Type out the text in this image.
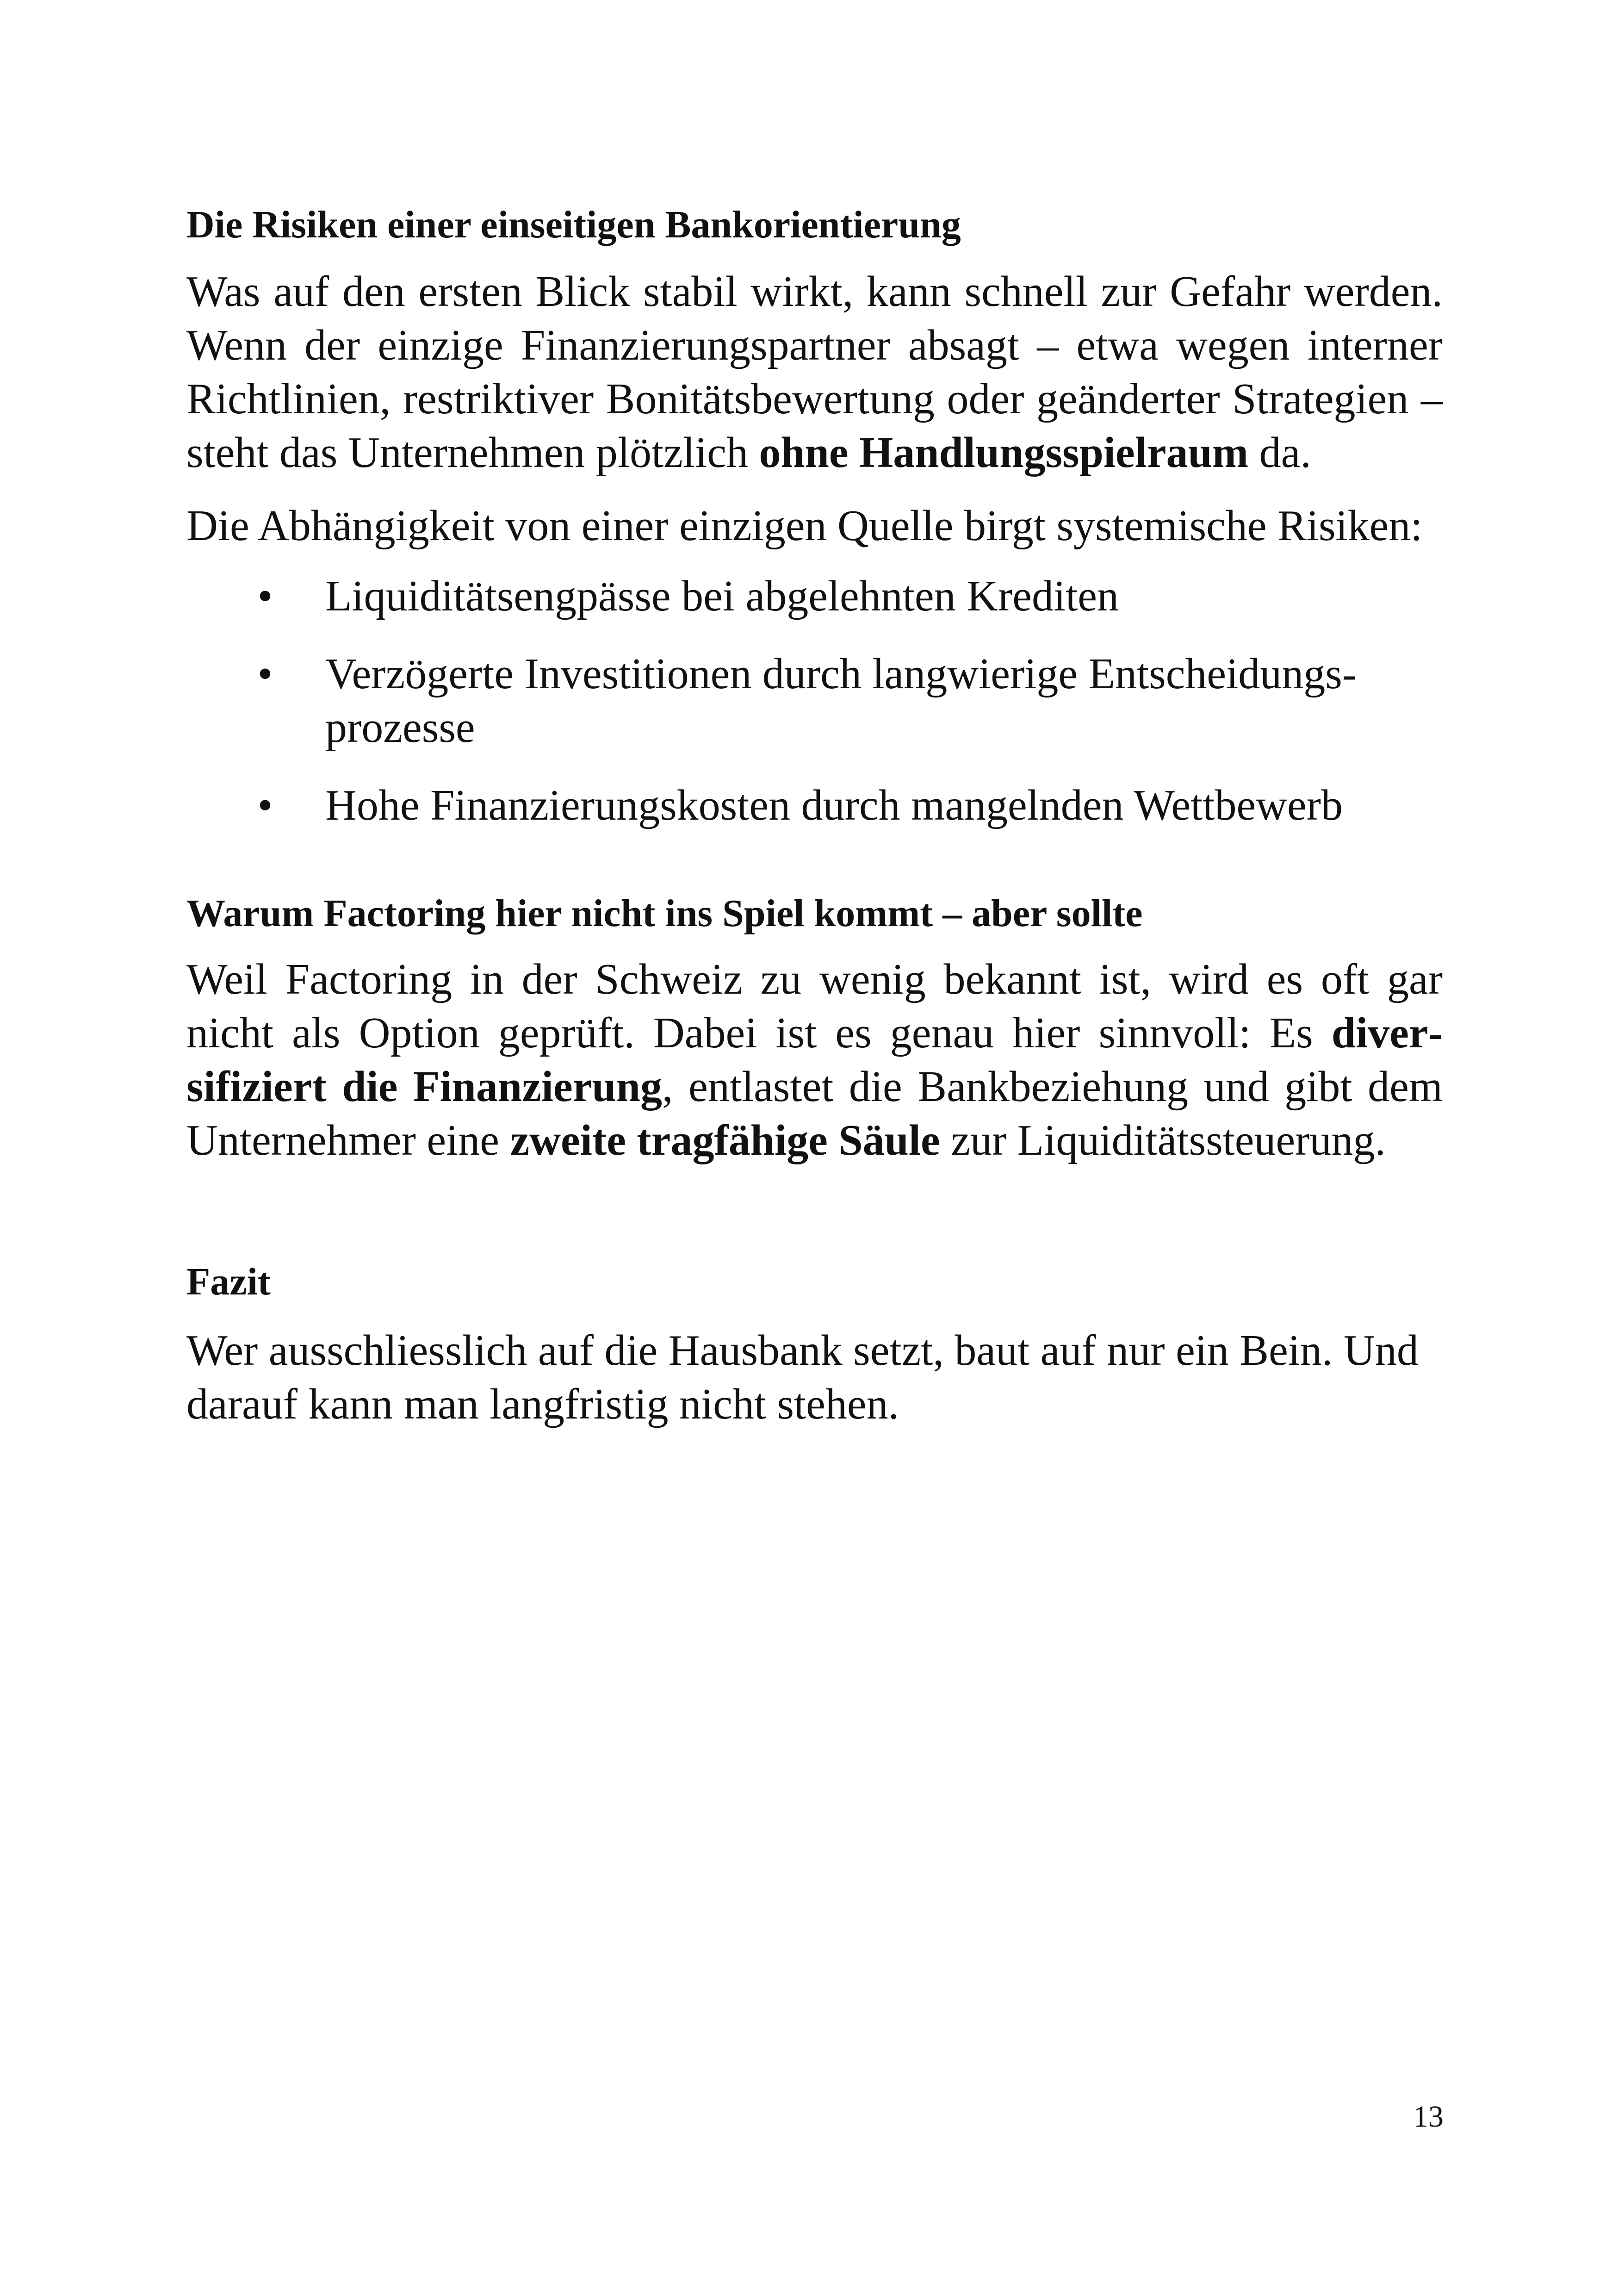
Die Risiken einer einseitigen Bankorientierung

Was auf den ersten Blick stabil wirkt, kann schnell zur Gefahr werden. Wenn der einzige Finanzierungspartner absagt – etwa wegen interner Richtlinien, restriktiver Bonitätsbewertung oder geänderter Strategien – steht das Unternehmen plötzlich ohne Handlungsspielraum da.

Die Abhängigkeit von einer einzigen Quelle birgt systemische Risiken:

• Liquiditätsengpässe bei abgelehnten Krediten
• Verzögerte Investitionen durch langwierige Entscheidungsprozesse
• Hohe Finanzierungskosten durch mangelnden Wettbewerb
Warum Factoring hier nicht ins Spiel kommt – aber sollte

Weil Factoring in der Schweiz zu wenig bekannt ist, wird es oft gar nicht als Option geprüft. Dabei ist es genau hier sinnvoll: Es diversifiziert die Finanzierung, entlastet die Bankbeziehung und gibt dem Unternehmer eine zweite tragfähige Säule zur Liquiditätssteuerung.

Fazit

Wer ausschliesslich auf die Hausbank setzt, baut auf nur ein Bein. Und darauf kann man langfristig nicht stehen.

13
